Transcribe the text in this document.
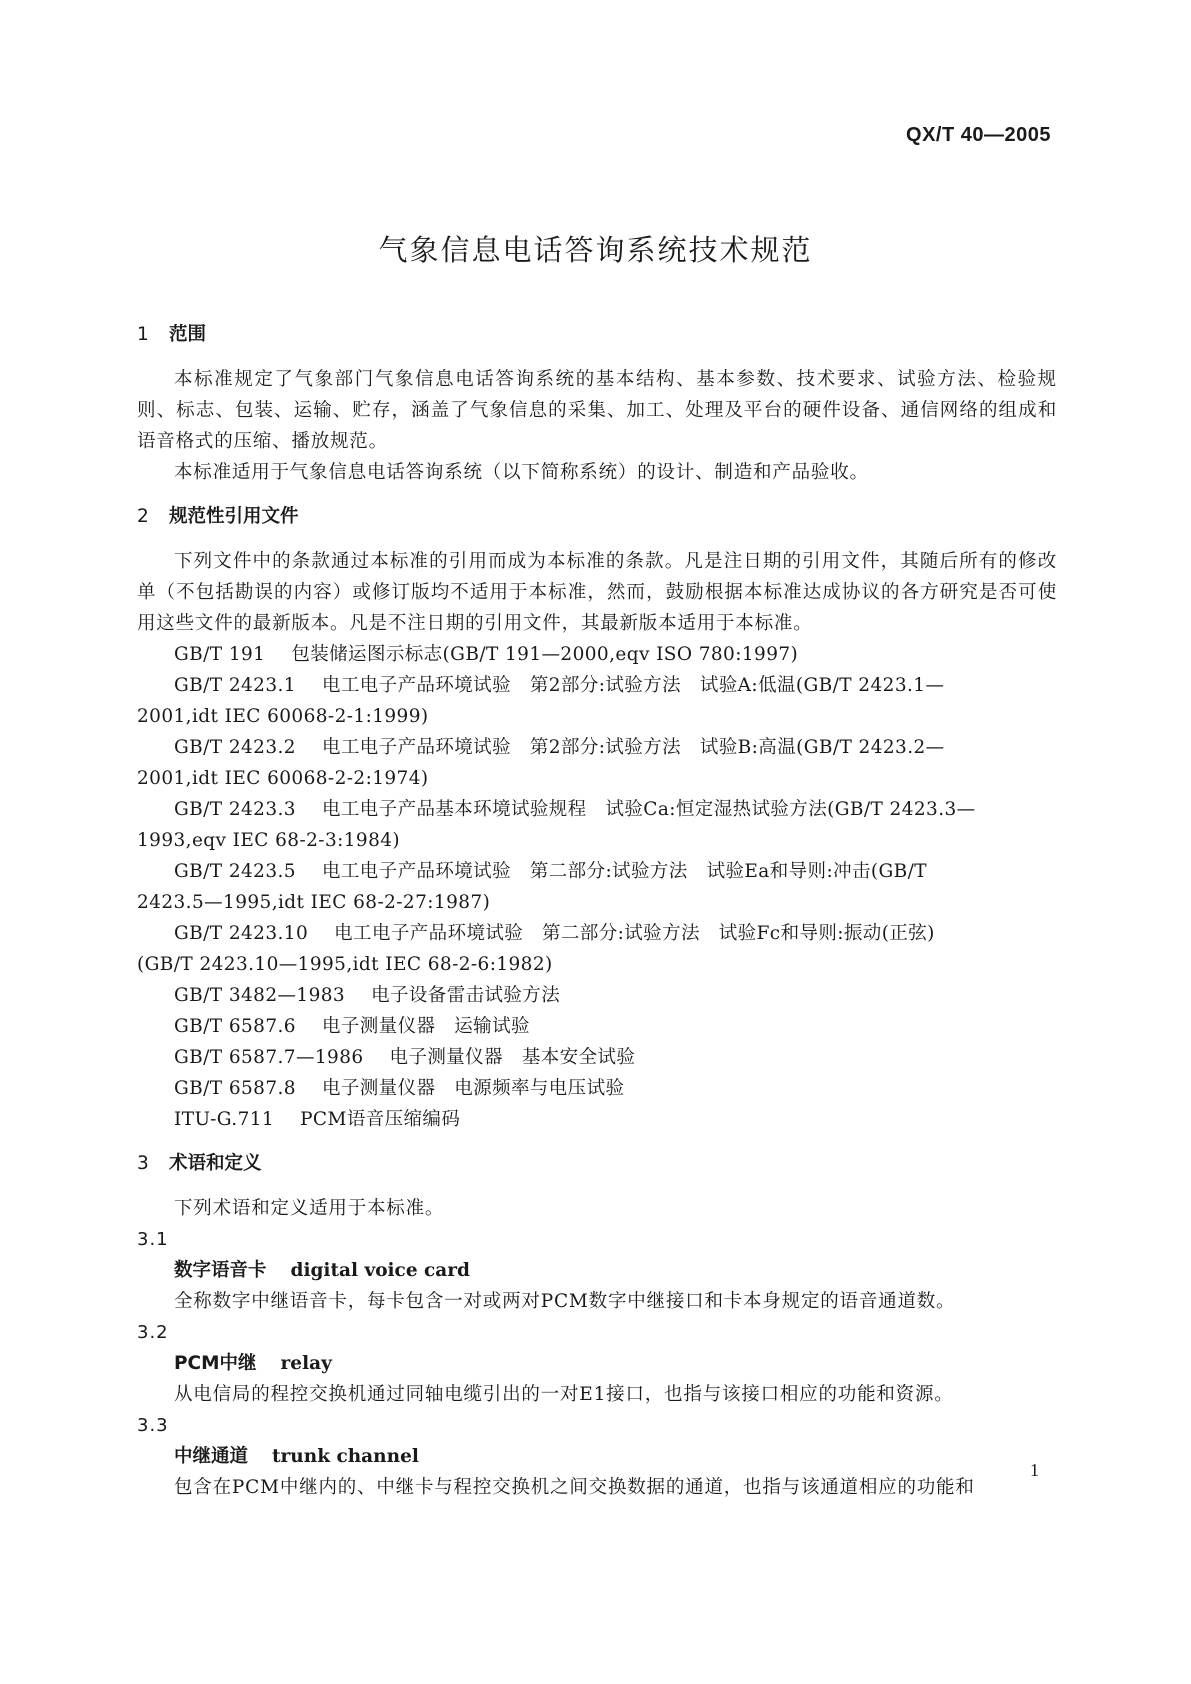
QX/T 40—2005
气象信息电话答询系统技术规范
1 范围

本标准规定了气象部门气象信息电话答询系统的基本结构、基本参数、技术要求、试验方法、检验规则、标志、包装、运输、贮存，涵盖了气象信息的采集、加工、处理及平台的硬件设备、通信网络的组成和语音格式的压缩、播放规范。

本标准适用于气象信息电话答询系统（以下简称系统）的设计、制造和产品验收。

2 规范性引用文件

下列文件中的条款通过本标准的引用而成为本标准的条款。凡是注日期的引用文件，其随后所有的修改单（不包括勘误的内容）或修订版均不适用于本标准，然而，鼓励根据本标准达成协议的各方研究是否可使用这些文件的最新版本。凡是不注日期的引用文件，其最新版本适用于本标准。

GB/T 191 包装储运图示标志(GB/T 191—2000,eqv ISO 780:1997)

GB/T 2423.1 电工电子产品环境试验　第2部分:试验方法　试验A:低温(GB/T 2423.1—

2001,idt IEC 60068-2-1:1999)

GB/T 2423.2 电工电子产品环境试验　第2部分:试验方法　试验B:高温(GB/T 2423.2—

2001,idt IEC 60068-2-2:1974)

GB/T 2423.3 电工电子产品基本环境试验规程　试验Ca:恒定湿热试验方法(GB/T 2423.3—

1993,eqv IEC 68-2-3:1984)

GB/T 2423.5 电工电子产品环境试验　第二部分:试验方法　试验Ea和导则:冲击(GB/T

2423.5—1995,idt IEC 68-2-27:1987)

GB/T 2423.10 电工电子产品环境试验　第二部分:试验方法　试验Fc和导则:振动(正弦)

(GB/T 2423.10—1995,idt IEC 68-2-6:1982)

GB/T 3482—1983 电子设备雷击试验方法

GB/T 6587.6 电子测量仪器　运输试验

GB/T 6587.7—1986 电子测量仪器　基本安全试验

GB/T 6587.8 电子测量仪器　电源频率与电压试验

ITU-G.711 PCM语音压缩编码

3 术语和定义

下列术语和定义适用于本标准。

3.1

数字语音卡 digital voice card

全称数字中继语音卡，每卡包含一对或两对PCM数字中继接口和卡本身规定的语音通道数。

3.2

PCM中继 relay

从电信局的程控交换机通过同轴电缆引出的一对E1接口，也指与该接口相应的功能和资源。

3.3

中继通道 trunk channel

包含在PCM中继内的、中继卡与程控交换机之间交换数据的通道，也指与该通道相应的功能和

1
